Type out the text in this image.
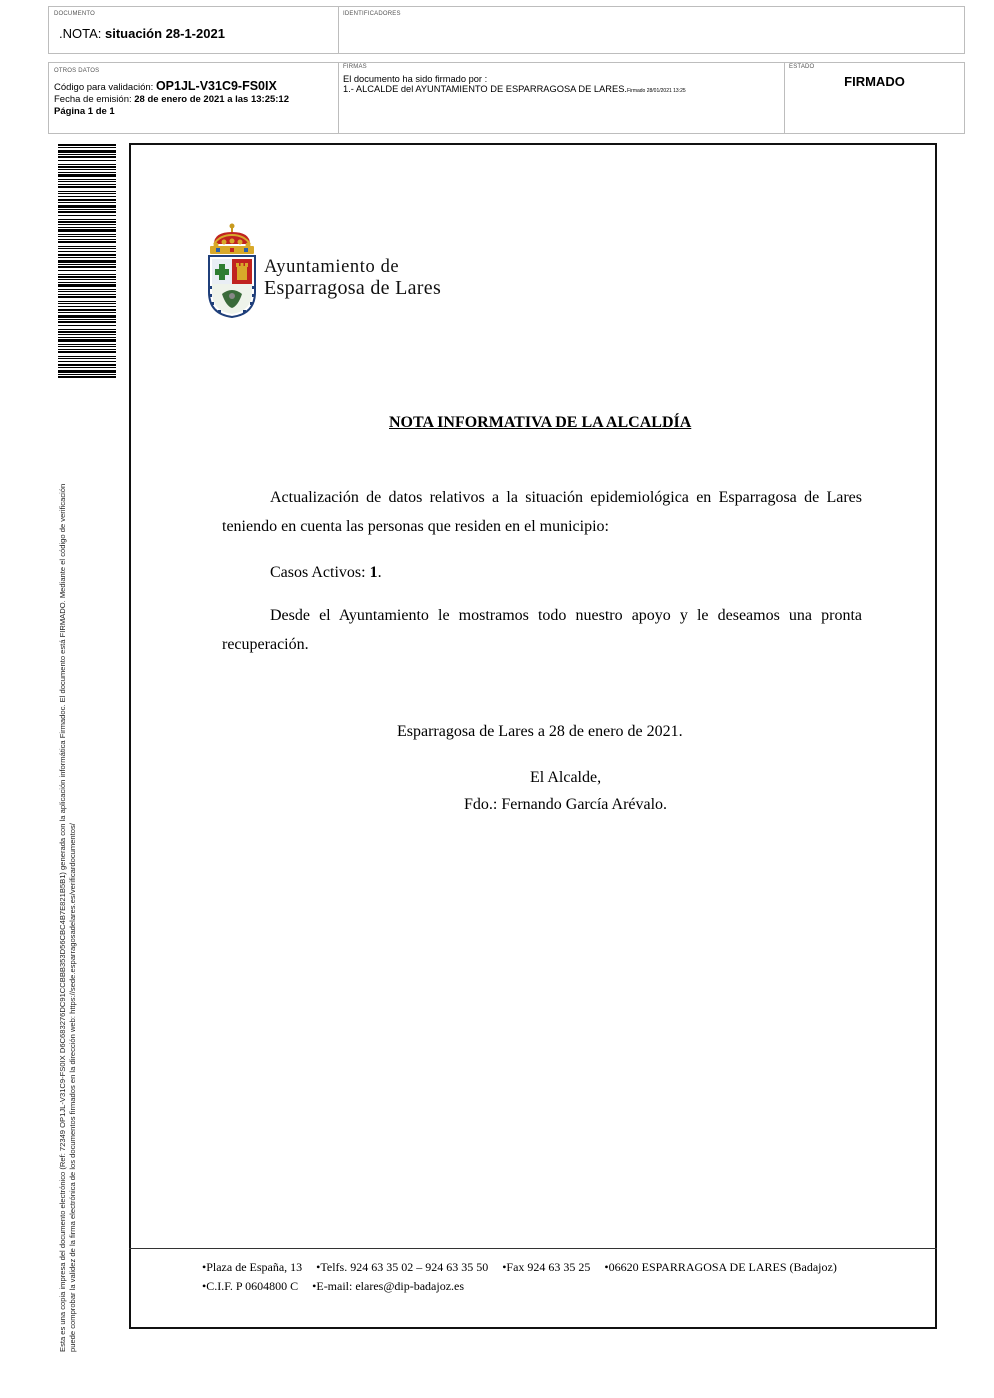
DOCUMENTO
.NOTA: situación 28-1-2021
IDENTIFICADORES
OTROS DATOS
Código para validación: OP1JL-V31C9-FS0IX
Fecha de emisión: 28 de enero de 2021 a las 13:25:12
Página 1 de 1
FIRMAS
El documento ha sido firmado por :
1.- ALCALDE del AYUNTAMIENTO DE ESPARRAGOSA DE LARES.Firmado 28/01/2021 13:25
ESTADO
FIRMADO
Esta es una copia impresa del documento electrónico (Ref: 72349 OP1JL-V31C9-FS0IX D6C683276DC91CCBBB353D56CBC4B7E821B5B1) generada con la aplicación informática Firmadoc. El documento está FIRMADO. Mediante el código de verificación puede comprobar la validez de la firma electrónica de los documentos firmados en la dirección web: https://sede.esparragosadelares.es/verificardocumentos/
Ayuntamiento de
Esparragosa de Lares
NOTA INFORMATIVA DE LA ALCALDÍA
Actualización de datos relativos a la situación epidemiológica en Esparragosa de Lares teniendo en cuenta las personas que residen en el municipio:
Casos Activos: 1.
Desde el Ayuntamiento le mostramos todo nuestro apoyo y le deseamos una pronta recuperación.
Esparragosa de Lares a 28 de enero de 2021.
El Alcalde,
Fdo.: Fernando García Arévalo.
•Plaza de España, 13 •Telfs. 924 63 35 02 – 924 63 35 50 •Fax 924 63 35 25 •06620 ESPARRAGOSA DE LARES (Badajoz)
•C.I.F. P 0604800 C •E-mail: elares@dip-badajoz.es
